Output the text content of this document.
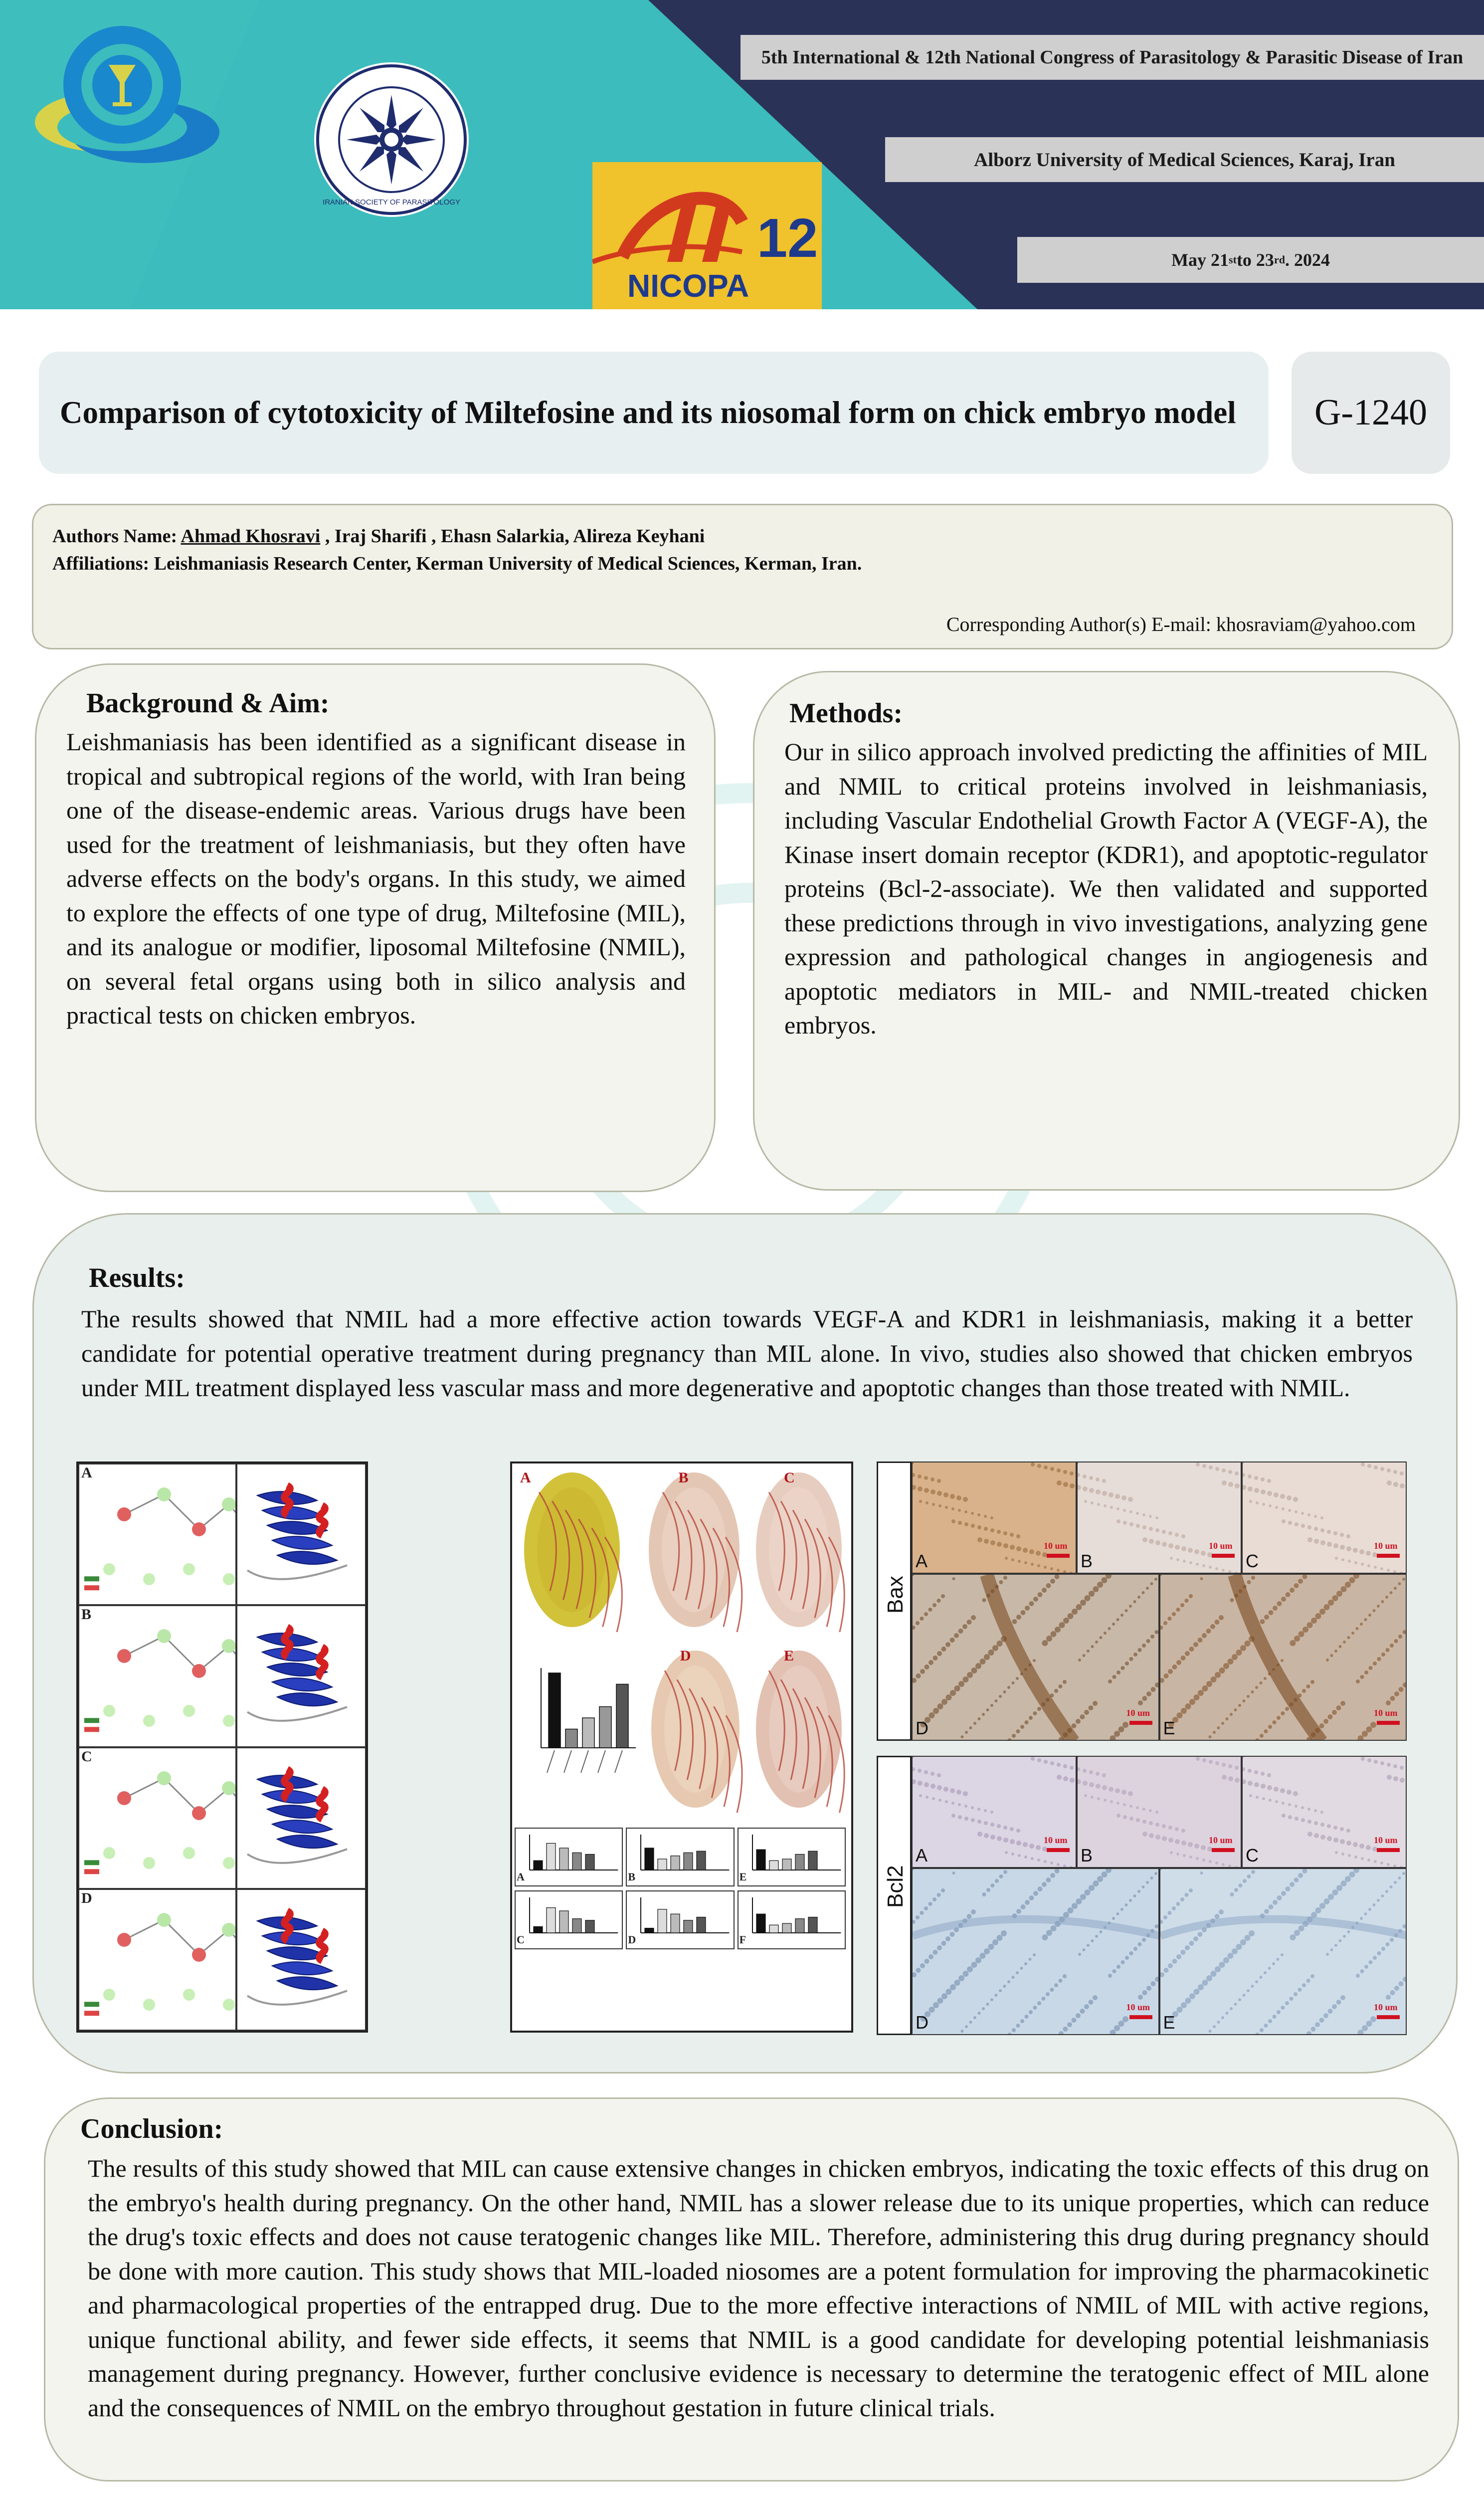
IRANIAN SOCIETY OF PARASITOLOGY
12
NICOPA
5th International & 12th National Congress of Parasitology & Parasitic Disease of Iran
Alborz University of Medical Sciences, Karaj, Iran
May 21 st to 23 rd . 2024
Comparison of cytotoxicity of Miltefosine and its niosomal form on chick embryo model G-1240
Authors Name: Ahmad Khosravi , Iraj Sharifi , Ehasn Salarkia, Alireza Keyhani
Affiliations: Leishmaniasis Research Center, Kerman University of Medical Sciences, Kerman, Iran.
Corresponding Author(s) E-mail: khosraviam@yahoo.com
Background & Aim:
Leishmaniasis has been identified as a significant disease in tropical and subtropical regions of the world, with Iran being one of the disease-endemic areas. Various drugs have been used for the treatment of leishmaniasis, but they often have adverse effects on the body's organs. In this study, we aimed to explore the effects of one type of drug, Miltefosine (MIL), and its analogue or modifier, liposomal Miltefosine (NMIL), on several fetal organs using both in silico analysis and practical tests on chicken embryos.
Methods:
Our in silico approach involved predicting the affinities of MIL and NMIL to critical proteins involved in leishmaniasis, including Vascular Endothelial Growth Factor A (VEGF-A), the Kinase insert domain receptor (KDR1), and apoptotic-regulator proteins (Bcl-2-associate). We then validated and supported these predictions through in vivo investigations, analyzing gene expression and pathological changes in angiogenesis and apoptotic mediators in MIL- and NMIL-treated chicken embryos.
Results:
The results showed that NMIL had a more effective action towards VEGF-A and KDR1 in leishmaniasis, making it a better candidate for potential operative treatment during pregnancy than MIL alone. In vivo, studies also showed that chicken embryos under MIL treatment displayed less vascular mass and more degenerative and apoptotic changes than those treated with NMIL.
A
B
C
D
A	B	C
D	E
A	B	E
C	D	F
Bax
A
10 um
B
10 um
C
10 um
D
10 um
E
10 um
Bcl2
A
10 um
B
10 um
C
10 um
D
10 um
E
10 um
Conclusion:
The results of this study showed that MIL can cause extensive changes in chicken embryos, indicating the toxic effects of this drug on the embryo's health during pregnancy. On the other hand, NMIL has a slower release due to its unique properties, which can reduce the drug's toxic effects and does not cause teratogenic changes like MIL. Therefore, administering this drug during pregnancy should be done with more caution. This study shows that MIL-loaded niosomes are a potent formulation for improving the pharmacokinetic and pharmacological properties of the entrapped drug. Due to the more effective interactions of NMIL of MIL with active regions, unique functional ability, and fewer side effects, it seems that NMIL is a good candidate for developing potential leishmaniasis management during pregnancy. However, further conclusive evidence is necessary to determine the teratogenic effect of MIL alone and the consequences of NMIL on the embryo throughout gestation in future clinical trials.
